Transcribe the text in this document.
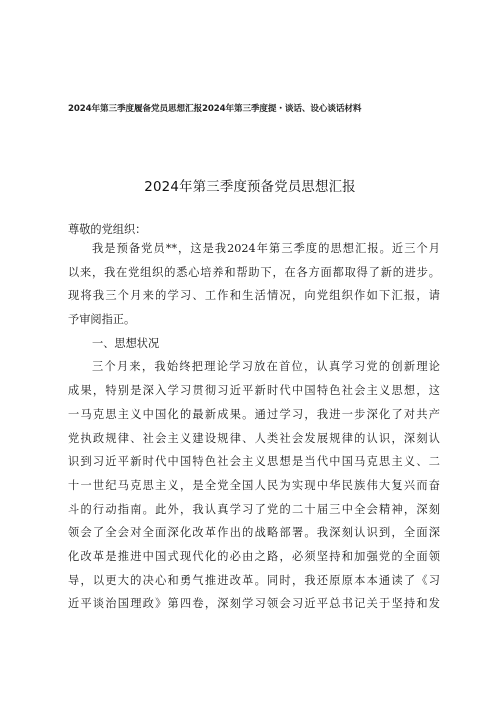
2024年第三季度履备党员思想汇报2024年第三季度提・谈话、设心谈话材料
2024年第三季度预备党员思想汇报
尊敬的党组织：
我是预备党员**，这是我2024年第三季度的思想汇报。近三个月
以来，我在党组织的悉心培养和帮助下，在各方面都取得了新的进步。
现将我三个月来的学习、工作和生活情况，向党组织作如下汇报，请
予审阅指正。
一、思想状况
三个月来，我始终把理论学习放在首位，认真学习党的创新理论
成果，特别是深入学习贯彻习近平新时代中国特色社会主义思想，这
一马克思主义中国化的最新成果。通过学习，我进一步深化了对共产
党执政规律、社会主义建设规律、人类社会发展规律的认识，深刻认
识到习近平新时代中国特色社会主义思想是当代中国马克思主义、二
十一世纪马克思主义，是全党全国人民为实现中华民族伟大复兴而奋
斗的行动指南。此外，我认真学习了党的二十届三中全会精神，深刻
领会了全会对全面深化改革作出的战略部署。我深刻认识到，全面深
化改革是推进中国式现代化的必由之路，必须坚持和加强党的全面领
导，以更大的决心和勇气推进改革。同时，我还原原本本通读了《习
近平谈治国理政》第四卷，深刻学习领会习近平总书记关于坚持和发
